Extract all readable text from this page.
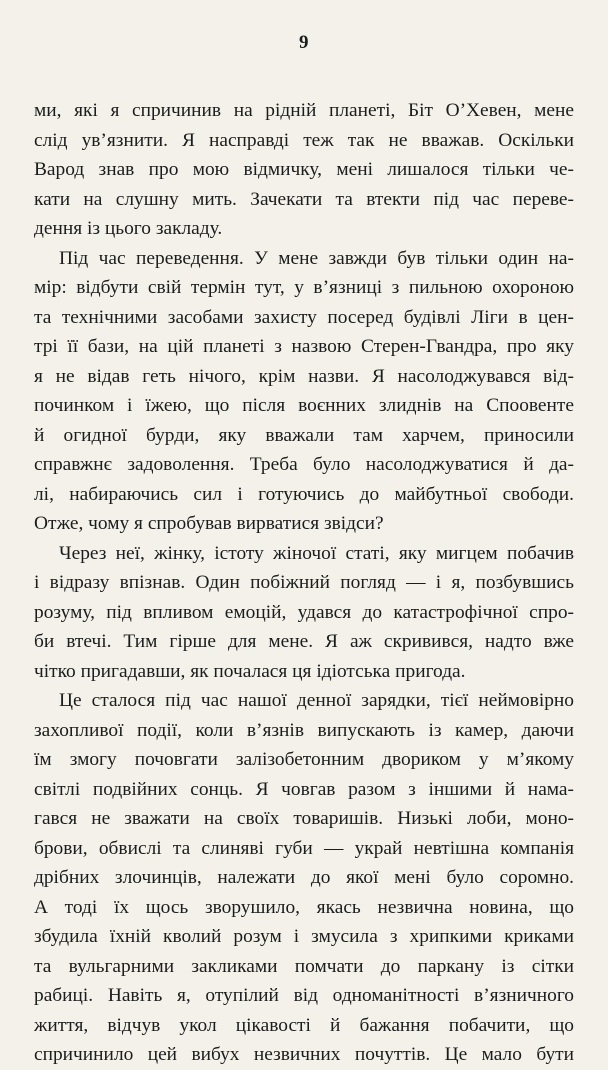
9
ми, які я спричинив на рідній планеті, Біт О’Хевен, мене
слід ув’язнити. Я насправді теж так не вважав. Оскільки
Варод знав про мою відмичку, мені лишалося тільки че-
кати на слушну мить. Зачекати та втекти під час переве-
дення із цього закладу.
Під час переведення. У мене завжди був тільки один на-
мір: відбути свій термін тут, у в’язниці з пильною охороною
та технічними засобами захисту посеред будівлі Ліги в цен-
трі її бази, на цій планеті з назвою Стерен-Гвандра, про яку
я не відав геть нічого, крім назви. Я насолоджувався від-
починком і їжею, що після воєнних злиднів на Споовенте
й огидної бурди, яку вважали там харчем, приносили
справжнє задоволення. Треба було насолоджуватися й да-
лі, набираючись сил і готуючись до майбутньої свободи.
Отже, чому я спробував вирватися звідси?
Через неї, жінку, істоту жіночої статі, яку мигцем побачив
і відразу впізнав. Один побіжний погляд — і я, позбувшись
розуму, під впливом емоцій, удався до катастрофічної спро-
би втечі. Тим гірше для мене. Я аж скривився, надто вже
чітко пригадавши, як почалася ця ідіотська пригода.
Це сталося під час нашої денної зарядки, тієї неймовірно
захопливої події, коли в’язнів випускають із камер, даючи
їм змогу почовгати залізобетонним двориком у м’якому
світлі подвійних сонць. Я човгав разом з іншими й нама-
гався не зважати на своїх товаришів. Низькі лоби, моно-
брови, обвислі та слиняві губи — украй невтішна компанія
дрібних злочинців, належати до якої мені було соромно.
А тоді їх щось зворушило, якась незвична новина, що
збудила їхній кволий розум і змусила з хрипкими криками
та вульгарними закликами помчати до паркану із сітки
рабиці. Навіть я, отупілий від одноманітності в’язничного
життя, відчув укол цікавості й бажання побачити, що
спричинило цей вибух незвичних почуттів. Це мало бути
